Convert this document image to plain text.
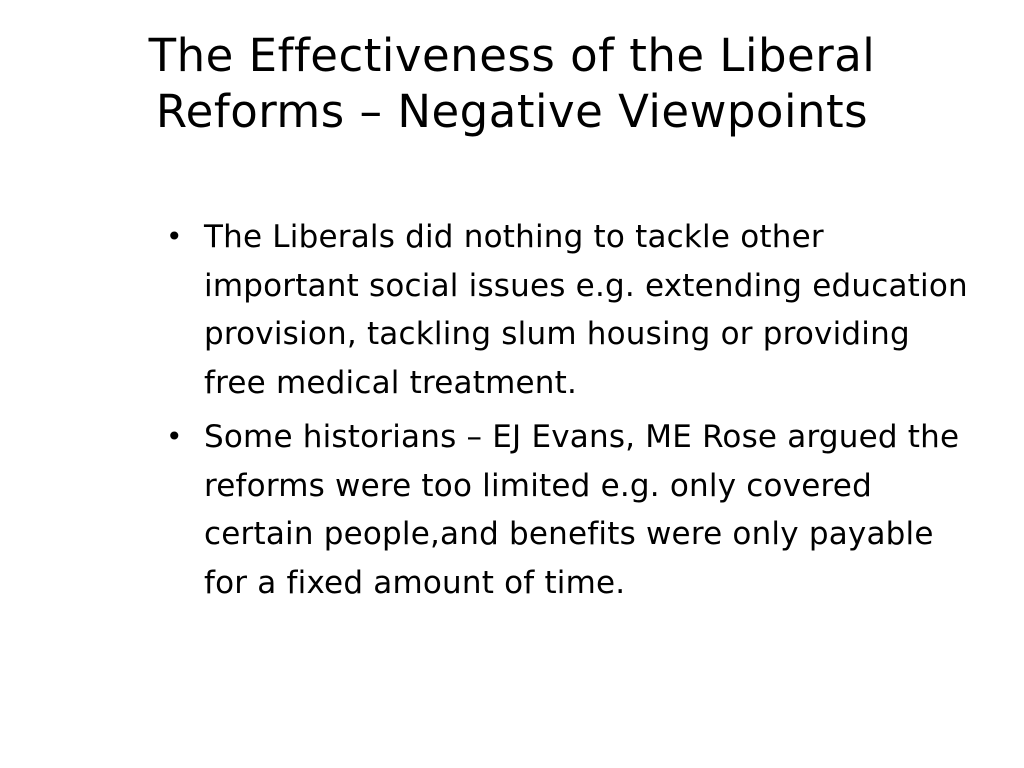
The Effectiveness of the Liberal
Reforms – Negative Viewpoints
• The Liberals did nothing to tackle other important social issues e.g. extending education provision, tackling slum housing or providing free medical treatment.
• Some historians – EJ Evans, ME Rose argued the reforms were too limited e.g. only covered certain people,and benefits were only payable for a fixed amount of time.
